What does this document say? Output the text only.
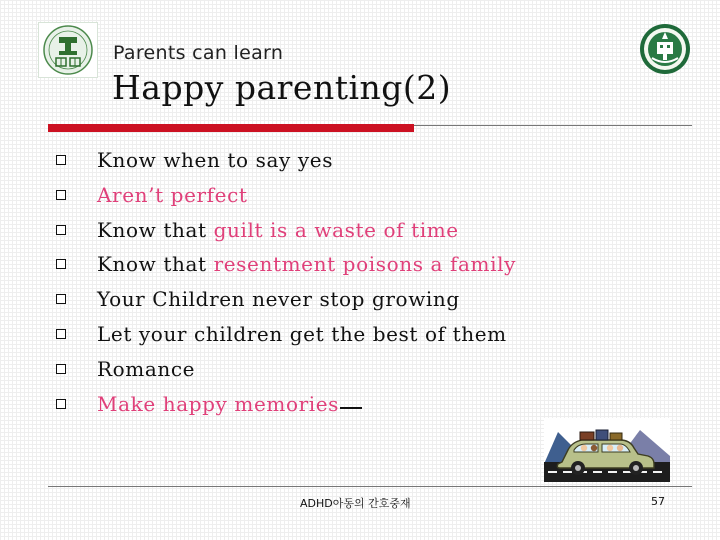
Parents can learn
Happy parenting(2)
Know when to say yes
Aren’t perfect
Know that guilt is a waste of time
Know that resentment poisons a family
Your Children never stop growing
Let your children get the best of them
Romance
Make happy memories
ADHD아동의 간호중재	57
